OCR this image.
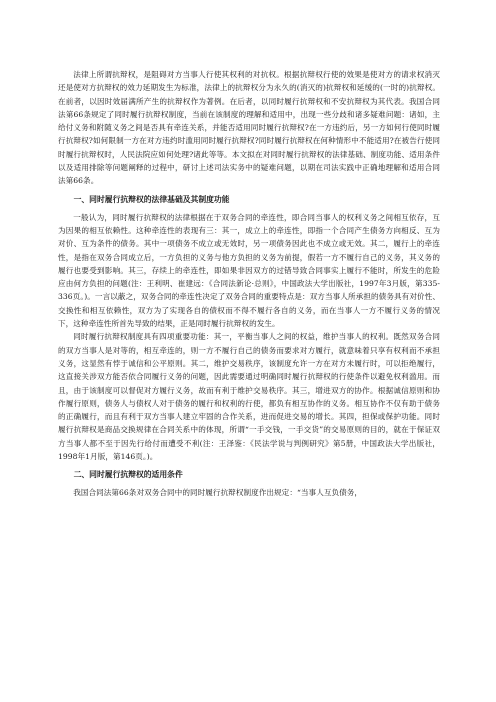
法律上所谓抗辩权，是阻碍对方当事人行使其权利的对抗权。根据抗辩权行使的效果是使对方的请求权消灭还是使对方抗辩权的效力延期发生为标准，法律上的抗辩权分为永久的(消灭的)抗辩权和延缓的(一时的)抗辩权。在前者，以因时效届满所产生的抗辩权作为著例。在后者，以同时履行抗辩权和不安抗辩权为其代表。我国合同法第66条规定了同时履行抗辩权制度，当前在该制度的理解和适用中，出现一些分歧和诸多疑难问题：诸如，主给付义务和附随义务之间是否具有牵连关系，并能否适用同时履行抗辩权?在一方违约后，另一方如何行使同时履行抗辩权?如何限制一方在对方违约时滥用同时履行抗辩权?同时履行抗辩权在何种情形中不能适用?在被告行使同时履行抗辩权时，人民法院应如何处理?诸此等等。本文拟在对同时履行抗辩权的法律基础、制度功能、适用条件以及适用排除等问题阐释的过程中，研讨上述司法实务中的疑难问题，以期在司法实践中正确地理解和适用合同法第66条。

一、同时履行抗辩权的法律基础及其制度功能

一般认为，同时履行抗辩权的法律根据在于双务合同的牵连性，即合同当事人的权利义务之间相互依存，互为因果的相互依赖性。这种牵连性的表现有三：其一，成立上的牵连性，即指一个合同产生债务方向相反、互为对价、互为条件的债务。其中一项债务不成立或无效时，另一项债务因此也不成立或无效。其二，履行上的牵连性，是指在双务合同成立后，一方负担的义务与他方负担的义务为前提，假若一方不履行自己的义务，其义务的履行也要受到影响。其三，存续上的牵连性，即如果非因双方的过错导致合同事实上履行不能时，所发生的危险应由何方负担的问题(注：王利明、崔建远：《合同法新论·总则》，中国政法大学出版社，1997年3月版，第335-336页。)。一言以蔽之，双务合同的牵连性决定了双务合同的重要特点是：双方当事人所承担的债务具有对价性、交换性和相互依赖性，双方为了实现各自的债权而不得不履行各自的义务，而在当事人一方不履行义务的情况下，这种牵连性所首先导致的结果，正是同时履行抗辩权的发生。

同时履行抗辩权制度具有四项重要功能：其一，平衡当事人之间的权益，维护当事人的权利。既然双务合同的双方当事人是对等的，相互牵连的，则一方不履行自己的债务而要求对方履行，就意味着只享有权利而不承担义务，这显然有悖于诚信和公平原则。其二，维护交易秩序，该制度允许一方在对方未履行时，可以拒绝履行，这直接关涉双方能否依合同履行义务的问题，因此需要通过明确同时履行抗辩权的行使条件以避免权利滥用。而且，由于该制度可以督促对方履行义务，故而有利于维护交易秩序。其三，增进双方的协作。根据诚信原则和协作履行原则，债务人与债权人对于债务的履行和权利的行使，都负有相互协作的义务。相互协作不仅有助于债务的正确履行，而且有利于双方当事人建立牢固的合作关系，进而促进交易的增长。其四，担保或保护功能。同时履行抗辩权是商品交换规律在合同关系中的体现，所谓“一手交钱，一手交货”的交易原则的目的，就在于保证双方当事人都不至于因先行给付而遭受不利(注：王泽鉴：《民法学说与判例研究》第5册，中国政法大学出版社，1998年1月版，第146页。)。

二、同时履行抗辩权的适用条件

我国合同法第66条对双务合同中的同时履行抗辩权制度作出规定：“当事人互负债务，
